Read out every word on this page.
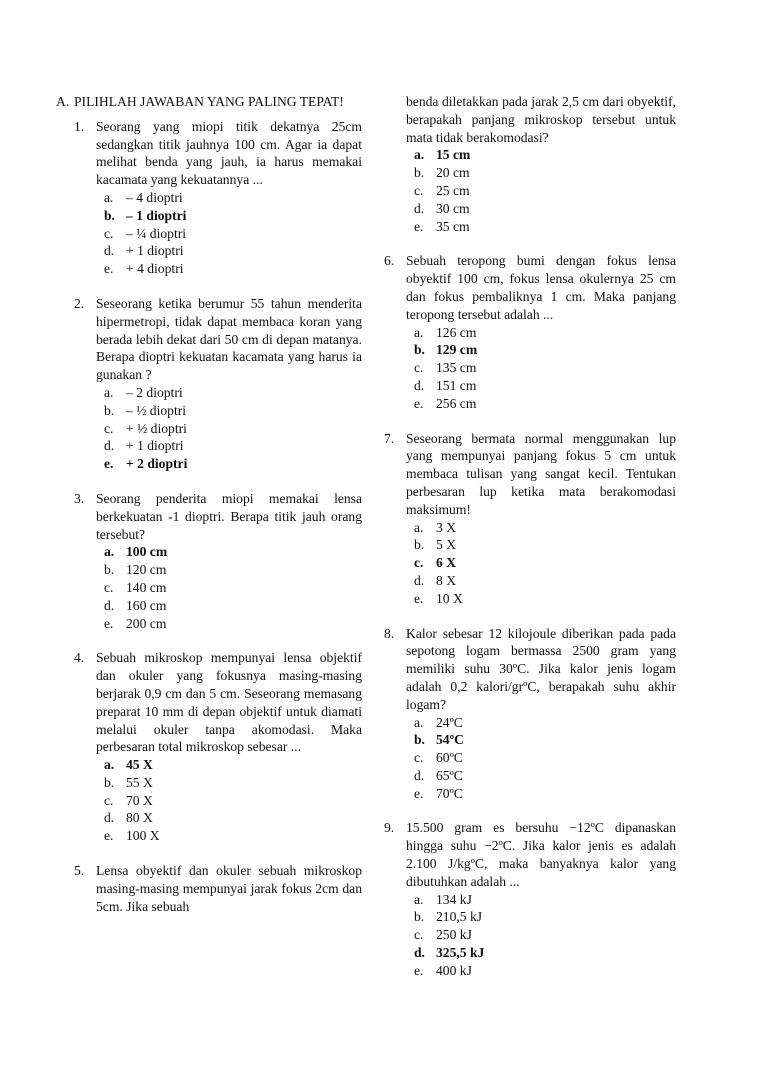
A. PILIHLAH JAWABAN YANG PALING TEPAT!
1. Seorang yang miopi titik dekatnya 25cm sedangkan titik jauhnya 100 cm. Agar ia dapat melihat benda yang jauh, ia harus memakai kacamata yang kekuatannya ...
a. – 4 dioptri
b. – 1 dioptri
c. – ¼ dioptri
d. + 1 dioptri
e. + 4 dioptri
2. Seseorang ketika berumur 55 tahun menderita hipermetropi, tidak dapat membaca koran yang berada lebih dekat dari 50 cm di depan matanya. Berapa dioptri kekuatan kacamata yang harus ia gunakan ?
a. – 2 dioptri
b. – ½ dioptri
c. + ½ dioptri
d. + 1 dioptri
e. + 2 dioptri
3. Seorang penderita miopi memakai lensa berkekuatan -1 dioptri. Berapa titik jauh orang tersebut?
a. 100 cm
b. 120 cm
c. 140 cm
d. 160 cm
e. 200 cm
4. Sebuah mikroskop mempunyai lensa objektif dan okuler yang fokusnya masing-masing berjarak 0,9 cm dan 5 cm. Seseorang memasang preparat 10 mm di depan objektif untuk diamati melalui okuler tanpa akomodasi. Maka perbesaran total mikroskop sebesar ...
a. 45 X
b. 55 X
c. 70 X
d. 80 X
e. 100 X
5. Lensa obyektif dan okuler sebuah mikroskop masing-masing mempunyai jarak fokus 2cm dan 5cm. Jika sebuah
benda diletakkan pada jarak 2,5 cm dari obyektif, berapakah panjang mikroskop tersebut untuk mata tidak berakomodasi?
a. 15 cm
b. 20 cm
c. 25 cm
d. 30 cm
e. 35 cm
6. Sebuah teropong bumi dengan fokus lensa obyektif 100 cm, fokus lensa okulernya 25 cm dan fokus pembaliknya 1 cm. Maka panjang teropong tersebut adalah ...
a. 126 cm
b. 129 cm
c. 135 cm
d. 151 cm
e. 256 cm
7. Seseorang bermata normal menggunakan lup yang mempunyai panjang fokus 5 cm untuk membaca tulisan yang sangat kecil. Tentukan perbesaran lup ketika mata berakomodasi maksimum!
a. 3 X
b. 5 X
c. 6 X
d. 8 X
e. 10 X
8. Kalor sebesar 12 kilojoule diberikan pada pada sepotong logam bermassa 2500 gram yang memiliki suhu 30ºC. Jika kalor jenis logam adalah 0,2 kalori/grºC, berapakah suhu akhir logam?
a. 24ºC
b. 54ºC
c. 60ºC
d. 65ºC
e. 70ºC
9. 15.500 gram es bersuhu −12ºC dipanaskan hingga suhu −2ºC. Jika kalor jenis es adalah 2.100 J/kgºC, maka banyaknya kalor yang dibutuhkan adalah ...
a. 134 kJ
b. 210,5 kJ
c. 250 kJ
d. 325,5 kJ
e. 400 kJ
